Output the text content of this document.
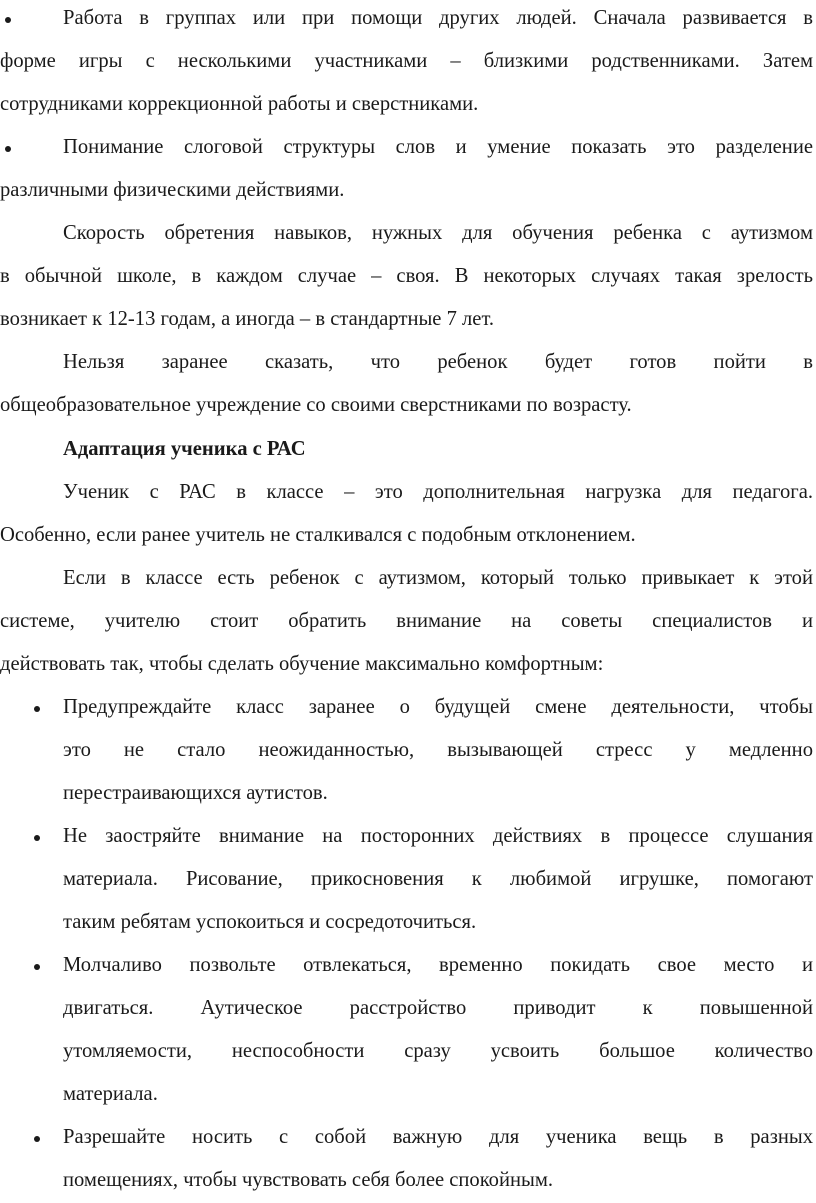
Работа в группах или при помощи других людей. Сначала развивается в
форме игры с несколькими участниками – близкими родственниками. Затем
сотрудниками коррекционной работы и сверстниками.
Понимание слоговой структуры слов и умение показать это разделение
различными физическими действиями.
Скорость обретения навыков, нужных для обучения ребенка с аутизмом
в обычной школе, в каждом случае – своя. В некоторых случаях такая зрелость
возникает к 12-13 годам, а иногда – в стандартные 7 лет.
Нельзя заранее сказать, что ребенок будет готов пойти в
общеобразовательное учреждение со своими сверстниками по возрасту.
Адаптация ученика с РАС
Ученик с РАС в классе – это дополнительная нагрузка для педагога.
Особенно, если ранее учитель не сталкивался с подобным отклонением.
Если в классе есть ребенок с аутизмом, который только привыкает к этой
системе, учителю стоит обратить внимание на советы специалистов и
действовать так, чтобы сделать обучение максимально комфортным:
Предупреждайте класс заранее о будущей смене деятельности, чтобы
это не стало неожиданностью, вызывающей стресс у медленно
перестраивающихся аутистов.
Не заостряйте внимание на посторонних действиях в процессе слушания
материала. Рисование, прикосновения к любимой игрушке, помогают
таким ребятам успокоиться и сосредоточиться.
Молчаливо позвольте отвлекаться, временно покидать свое место и
двигаться. Аутическое расстройство приводит к повышенной
утомляемости, неспособности сразу усвоить большое количество
материала.
Разрешайте носить с собой важную для ученика вещь в разных
помещениях, чтобы чувствовать себя более спокойным.
